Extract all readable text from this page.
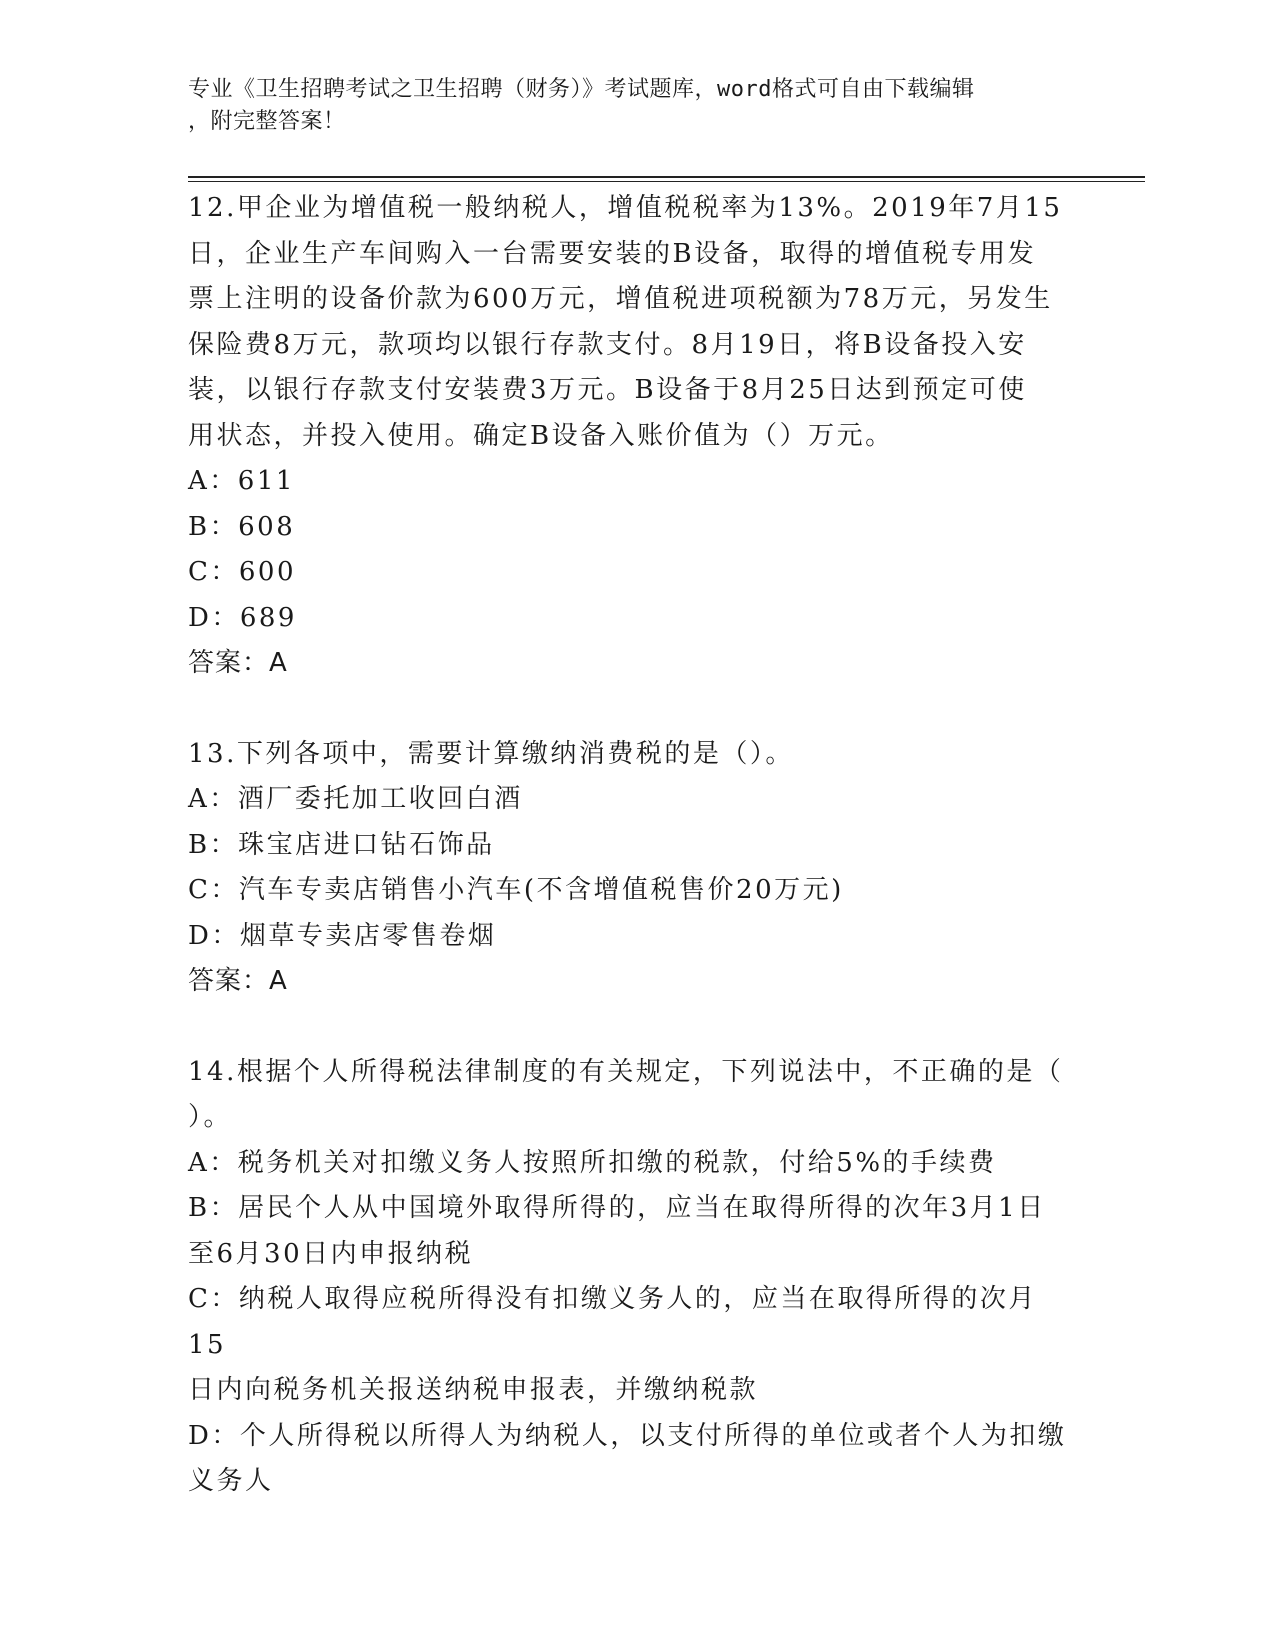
专业《卫生招聘考试之卫生招聘（财务）》考试题库，word格式可自由下载编辑
，附完整答案！
12.甲企业为增值税一般纳税人，增值税税率为13%。2019年7月15
日，企业生产车间购入一台需要安装的B设备，取得的增值税专用发
票上注明的设备价款为600万元，增值税进项税额为78万元，另发生
保险费8万元，款项均以银行存款支付。8月19日，将B设备投入安
装，以银行存款支付安装费3万元。B设备于8月25日达到预定可使
用状态，并投入使用。确定B设备入账价值为（）万元。
A：611
B：608
C：600
D：689
答案：A
13.下列各项中，需要计算缴纳消费税的是（）。
A：酒厂委托加工收回白酒
B：珠宝店进口钻石饰品
C：汽车专卖店销售小汽车(不含增值税售价20万元)
D：烟草专卖店零售卷烟
答案：A
14.根据个人所得税法律制度的有关规定，下列说法中，不正确的是（
）。
A：税务机关对扣缴义务人按照所扣缴的税款，付给5%的手续费
B：居民个人从中国境外取得所得的，应当在取得所得的次年3月1日
至6月30日内申报纳税
C：纳税人取得应税所得没有扣缴义务人的，应当在取得所得的次月15
日内向税务机关报送纳税申报表，并缴纳税款
D：个人所得税以所得人为纳税人，以支付所得的单位或者个人为扣缴
义务人
